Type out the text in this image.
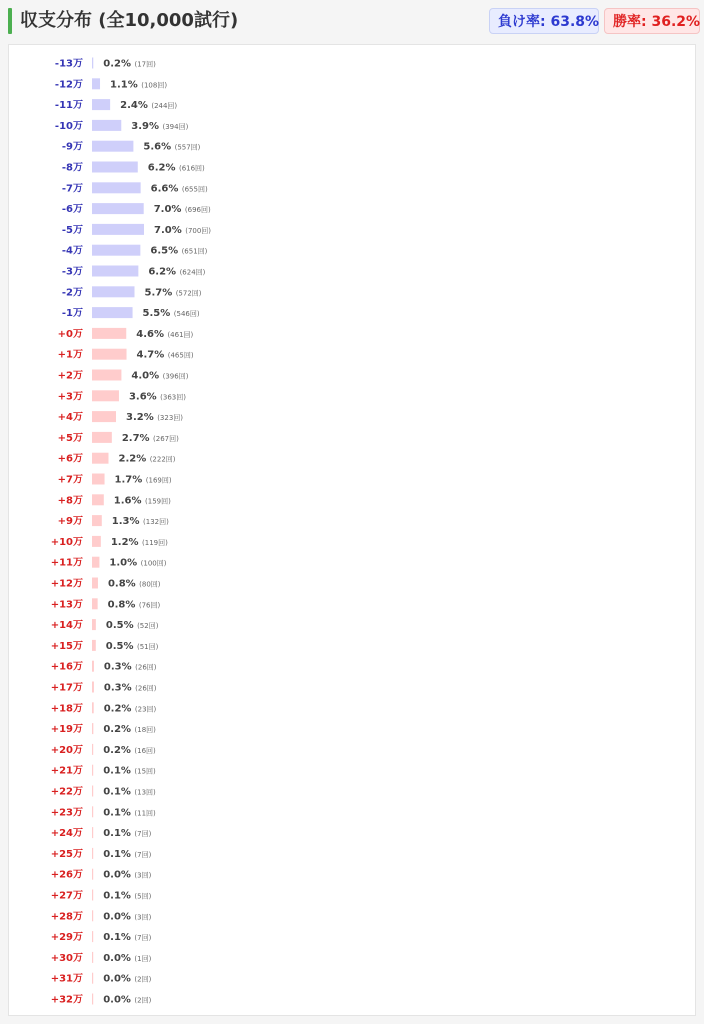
収支分布 (全10,000試行)	負け率: 63.8% 勝率: 36.2%
-13万 0.2% (17回)
-12万	1.1% (108回)
-11万	2.4% (244回)
-10万	3.9% (394回)
-9万	5.6% (557回)
-8万	6.2% (616回)
-7万	6.6% (655回)
-6万	7.0% (696回)
-5万	7.0% (700回)
-4万	6.5% (651回)
-3万	6.2% (624回)
-2万	5.7% (572回)
-1万	5.5% (546回)
+0万	4.6% (461回)
+1万	4.7% (465回)
+2万	4.0% (396回)
+3万	3.6% (363回)
+4万	3.2% (323回)
+5万	2.7% (267回)
+6万	2.2% (222回)
+7万	1.7% (169回)
+8万	1.6% (159回)
+9万	1.3% (132回)
+10万	1.2% (119回)
+11万	1.0% (100回)
+12万 0.8% (80回)
+13万 0.8% (76回)
+14万 0.5% (52回)
+15万 0.5% (51回)
+16万 0.3% (26回)
+17万 0.3% (26回)
+18万 0.2% (23回)
+19万 0.2% (18回)
+20万 0.2% (16回)
+21万 0.1% (15回)
+22万 0.1% (13回)
+23万 0.1% (11回)
+24万 0.1% (7回)
+25万 0.1% (7回)
+26万 0.0% (3回)
+27万 0.1% (5回)
+28万 0.0% (3回)
+29万 0.1% (7回)
+30万 0.0% (1回)
+31万 0.0% (2回)
+32万 0.0% (2回)
